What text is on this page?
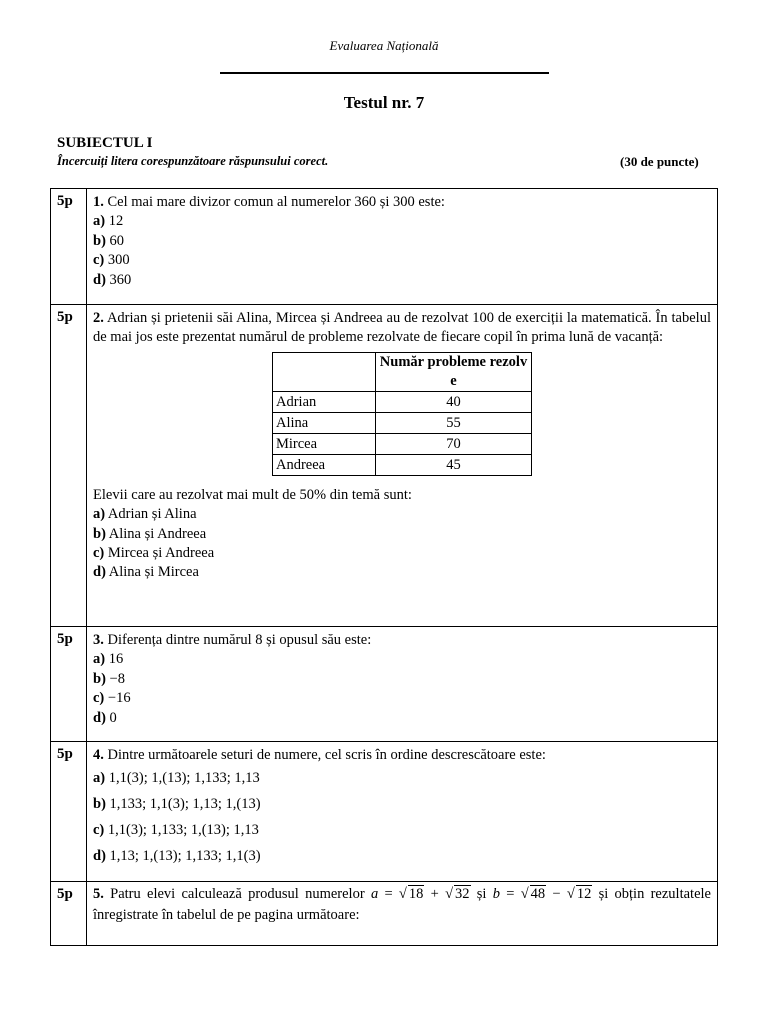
Evaluarea Națională
Testul nr. 7
SUBIECTUL I
Încercuiți litera corespunzătoare răspunsului corect.	(30 de puncte)
5p	1. Cel mai mare divizor comun al numerelor 360 și 300 este:
a) 12
b) 60
c) 300
d) 360

5p	2. Adrian și prietenii săi Alina, Mircea și Andreea au de rezolvat 100 de exerciții la matematică. În tabelul de mai jos este prezentat numărul de probleme rezolvate de fiecare copil în prima lună de vacanță:
	Număr probleme rezolv e
Adrian	40
Alina	55
Mircea	70
Andreea	45
Elevii care au rezolvat mai mult de 50% din temă sunt:
a) Adrian și Alina
b) Alina și Andreea
c) Mircea și Andreea
d) Alina și Mircea

5p	3. Diferența dintre numărul 8 și opusul său este:
a) 16
b) −8
c) −16
d) 0

5p	4. Dintre următoarele seturi de numere, cel scris în ordine descrescătoare este:
a) 1,1(3); 1,(13); 1,133; 1,13
b) 1,133; 1,1(3); 1,13; 1,(13)
c) 1,1(3); 1,133; 1,(13); 1,13
d) 1,13; 1,(13); 1,133; 1,1(3)

5p	5. Patru elevi calculează produsul numerelor a = √ 18 + √ 32 și b = √ 48 − √ 12 și obțin rezultatele înregistrate în tabelul de pe pagina următoare:
